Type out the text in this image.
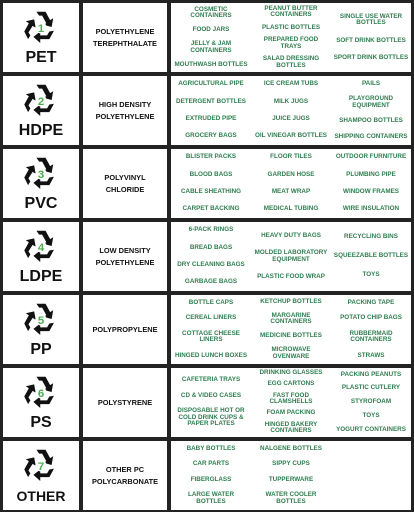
1
PET
POLYETHYLENE TEREPHTHALATE
COSMETIC CONTAINERS
FOOD JARS
JELLY & JAM CONTAINERS
MOUTHWASH BOTTLES
PEANUT BUTTER CONTAINERS
PLASTIC BOTTLES
PREPARED FOOD TRAYS
SALAD DRESSING BOTTLES
SINGLE USE WATER BOTTLES
SOFT DRINK BOTTLES
SPORT DRINK BOTTLES
2
HDPE
HIGH DENSITY POLYETHYLENE
AGRICULTURAL PIPE
DETERGENT BOTTLES
EXTRUDED PIPE
GROCERY BAGS
ICE CREAM TUBS
MILK JUGS
JUICE JUGS
OIL VINEGAR BOTTLES
PAILS
PLAYGROUND EQUIPMENT
SHAMPOO BOTTLES
SHIPPING CONTAINERS
3
PVC
POLYVINYL CHLORIDE
BLISTER PACKS
BLOOD BAGS
CABLE SHEATHING
CARPET BACKING
FLOOR TILES
GARDEN HOSE
MEAT WRAP
MEDICAL TUBING
OUTDOOR FURNITURE
PLUMBING PIPE
WINDOW FRAMES
WIRE INSULATION
4
LDPE
LOW DENSITY POLYETHYLENE
6-PACK RINGS
BREAD BAGS
DRY CLEANING BAGS
GARBAGE BAGS
HEAVY DUTY BAGS
MOLDED LABORATORY EQUIPMENT
PLASTIC FOOD WRAP
RECYCLING BINS
SQUEEZABLE BOTTLES
TOYS
5
PP
POLYPROPYLENE
BOTTLE CAPS
CEREAL LINERS
COTTAGE CHEESE LINERS
HINGED LUNCH BOXES
KETCHUP BOTTLES
MARGARINE CONTAINERS
MEDICINE BOTTLES
MICROWAVE OVENWARE
PACKING TAPE
POTATO CHIP BAGS
RUBBERMAID CONTAINERS
STRAWS
6
PS
POLYSTYRENE
CAFETERIA TRAYS
CD & VIDEO CASES
DISPOSABLE HOT OR COLD DRINK CUPS & PAPER PLATES
DRINKING GLASSES
EGG CARTONS
FAST FOOD CLAMSHELLS
FOAM PACKING
HINGED BAKERY CONTAINERS
PACKING PEANUTS
PLASTIC CUTLERY
STYROFOAM
TOYS
YOGURT CONTAINERS
7
OTHER
OTHER PC POLYCARBONATE
BABY BOTTLES
CAR PARTS
FIBERGLASS
LARGE WATER BOTTLES
NALGENE BOTTLES
SIPPY CUPS
TUPPERWARE
WATER COOLER BOTTLES
